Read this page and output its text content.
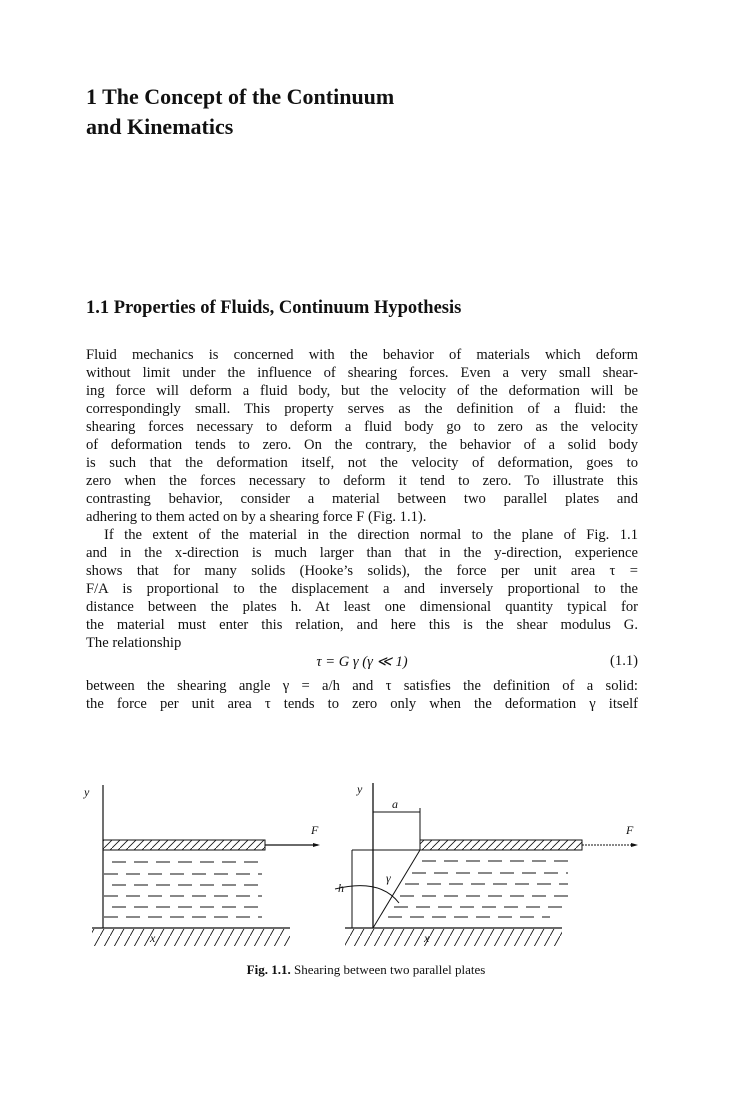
1 The Concept of the Continuum
and Kinematics
1.1 Properties of Fluids, Continuum Hypothesis
Fluid mechanics is concerned with the behavior of materials which deform
without limit under the influence of shearing forces. Even a very small shear-
ing force will deform a fluid body, but the velocity of the deformation will be
correspondingly small. This property serves as the definition of a fluid: the
shearing forces necessary to deform a fluid body go to zero as the velocity
of deformation tends to zero. On the contrary, the behavior of a solid body
is such that the deformation itself, not the velocity of deformation, goes to
zero when the forces necessary to deform it tend to zero. To illustrate this
contrasting behavior, consider a material between two parallel plates and
adhering to them acted on by a shearing force F (Fig. 1.1).
If the extent of the material in the direction normal to the plane of Fig. 1.1
and in the x-direction is much larger than that in the y-direction, experience
shows that for many solids (Hooke’s solids), the force per unit area τ =
F/A is proportional to the displacement a and inversely proportional to the
distance between the plates h. At least one dimensional quantity typical for
the material must enter this relation, and here this is the shear modulus G.
The relationship
between the shearing angle γ = a/h and τ satisfies the definition of a solid:
the force per unit area τ tends to zero only when the deformation γ itself
τ = G γ (γ ≪ 1)	(1.1)
y
F
x
y
a
h
γ
F
x
Fig. 1.1. Shearing between two parallel plates
